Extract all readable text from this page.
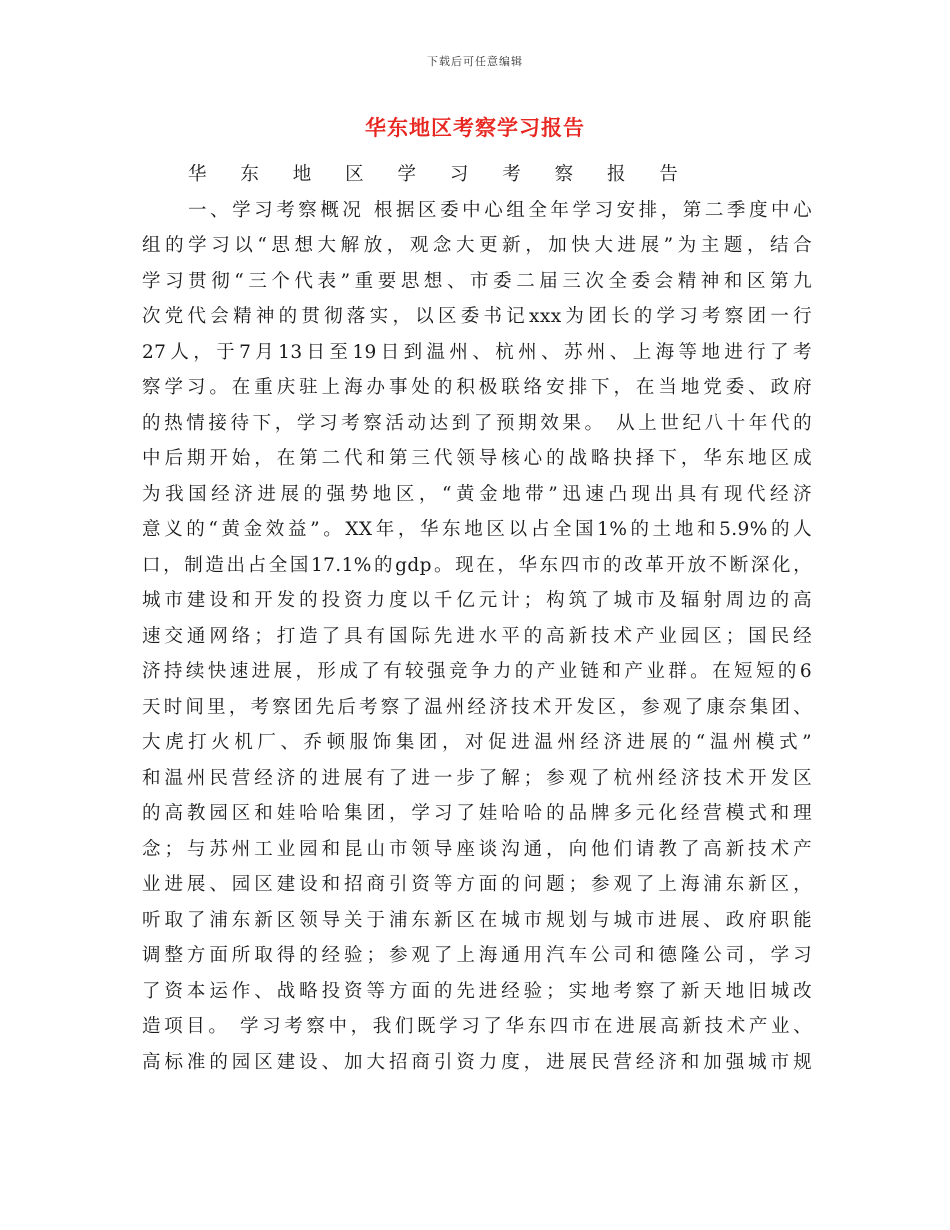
下载后可任意编辑
华东地区考察学习报告
华 东 地 区 学 习 考 察 报 告
一、学习考察概况 根据区委中心组全年学习安排，第二季度中心
组的学习以“思想大解放，观念大更新，加快大进展”为主题，结合
学习贯彻“三个代表”重要思想、市委二届三次全委会精神和区第九
次党代会精神的贯彻落实，以区委书记xxx为团长的学习考察团一行
27人，于7月13日至19日到温州、杭州、苏州、上海等地进行了考
察学习。在重庆驻上海办事处的积极联络安排下，在当地党委、政府
的热情接待下，学习考察活动达到了预期效果。 从上世纪八十年代的
中后期开始，在第二代和第三代领导核心的战略抉择下，华东地区成
为我国经济进展的强势地区，“黄金地带”迅速凸现出具有现代经济
意义的“黄金效益”。XX年，华东地区以占全国1%的土地和5.9%的人
口，制造出占全国17.1%的gdp。现在，华东四市的改革开放不断深化，
城市建设和开发的投资力度以千亿元计；构筑了城市及辐射周边的高
速交通网络；打造了具有国际先进水平的高新技术产业园区；国民经
济持续快速进展，形成了有较强竞争力的产业链和产业群。在短短的6
天时间里，考察团先后考察了温州经济技术开发区，参观了康奈集团、
大虎打火机厂、乔顿服饰集团，对促进温州经济进展的“温州模式”
和温州民营经济的进展有了进一步了解；参观了杭州经济技术开发区
的高教园区和娃哈哈集团，学习了娃哈哈的品牌多元化经营模式和理
念；与苏州工业园和昆山市领导座谈沟通，向他们请教了高新技术产
业进展、园区建设和招商引资等方面的问题；参观了上海浦东新区，
听取了浦东新区领导关于浦东新区在城市规划与城市进展、政府职能
调整方面所取得的经验；参观了上海通用汽车公司和德隆公司，学习
了资本运作、战略投资等方面的先进经验；实地考察了新天地旧城改
造项目。 学习考察中，我们既学习了华东四市在进展高新技术产业、
高标准的园区建设、加大招商引资力度，进展民营经济和加强城市规
